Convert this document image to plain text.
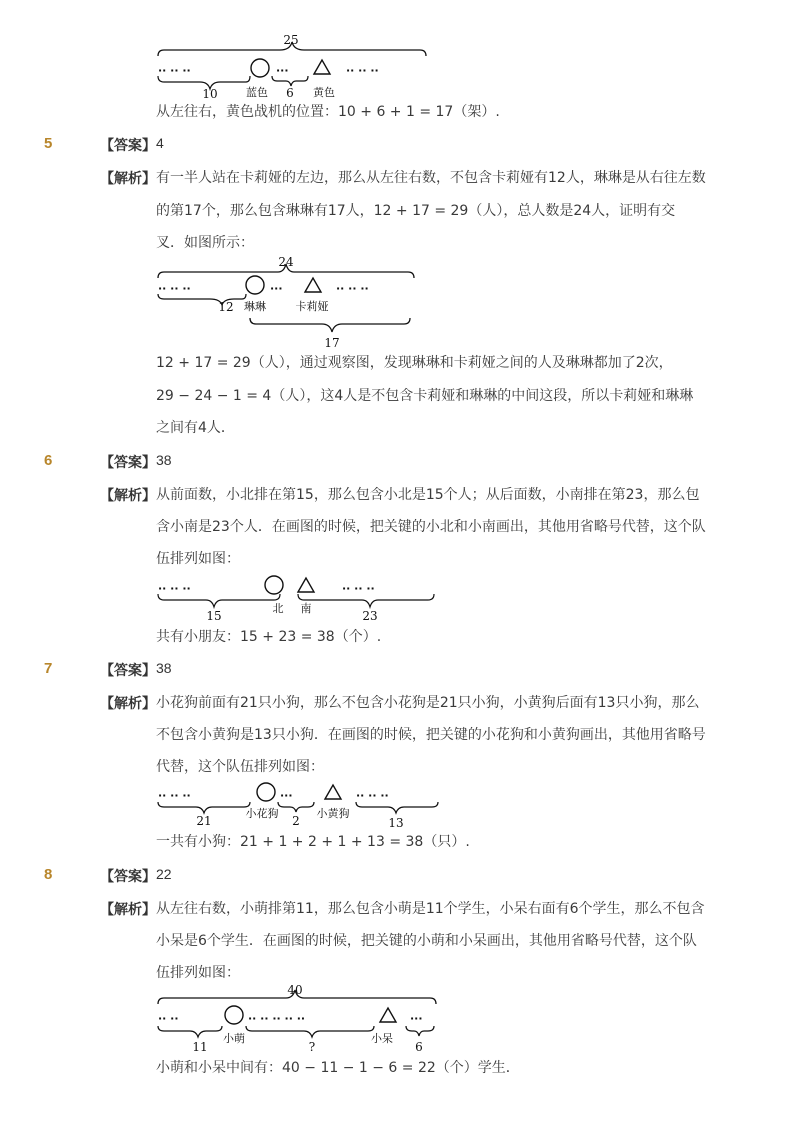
25
·· ·· ··	···	·· ·· ··
10	蓝色 6 黄色
从左往右，黄色战机的位置：10 + 6 + 1 = 17（架）.
5	【答案】 4
【解析】 有一半人站在卡莉娅的左边，那么从左往右数，不包含卡莉娅有12人，琳琳是从右往左数
的第17个，那么包含琳琳有17人，12 + 17 = 29（人），总人数是24人，证明有交
叉．如图所示：
24
·· ·· ··	···	·· ·· ··
12 琳琳	卡莉娅
17
12 + 17 = 29（人），通过观察图，发现琳琳和卡莉娅之间的人及琳琳都加了2次，
29 − 24 − 1 = 4（人），这4人是不包含卡莉娅和琳琳的中间这段，所以卡莉娅和琳琳
之间有4人．
6	【答案】 38
【解析】 从前面数，小北排在第15，那么包含小北是15个人；从后面数，小南排在第23，那么包
含小南是23个人．在画图的时候，把关键的小北和小南画出，其他用省略号代替，这个队
伍排列如图：
·· ·· ··	·· ·· ··
15
北 南
23
共有小朋友：15 + 23 = 38（个）.
7	【答案】 38
【解析】 小花狗前面有21只小狗，那么不包含小花狗是21只小狗，小黄狗后面有13只小狗，那么
不包含小黄狗是13只小狗．在画图的时候，把关键的小花狗和小黄狗画出，其他用省略号
代替，这个队伍排列如图：
·· ·· ··	···	·· ·· ··
21
小花狗
2
小黄狗
13
一共有小狗：21 + 1 + 2 + 1 + 13 = 38（只）.
8	【答案】 22
【解析】 从左往右数，小萌排第11，那么包含小萌是11个学生，小呆右面有6个学生，那么不包含
小呆是6个学生．在画图的时候，把关键的小萌和小呆画出，其他用省略号代替，这个队
伍排列如图：
40
·· ··	·· ·· ·· ·· ··	···
11
小萌
?
小呆
6
小萌和小呆中间有：40 − 11 − 1 − 6 = 22（个）学生．
